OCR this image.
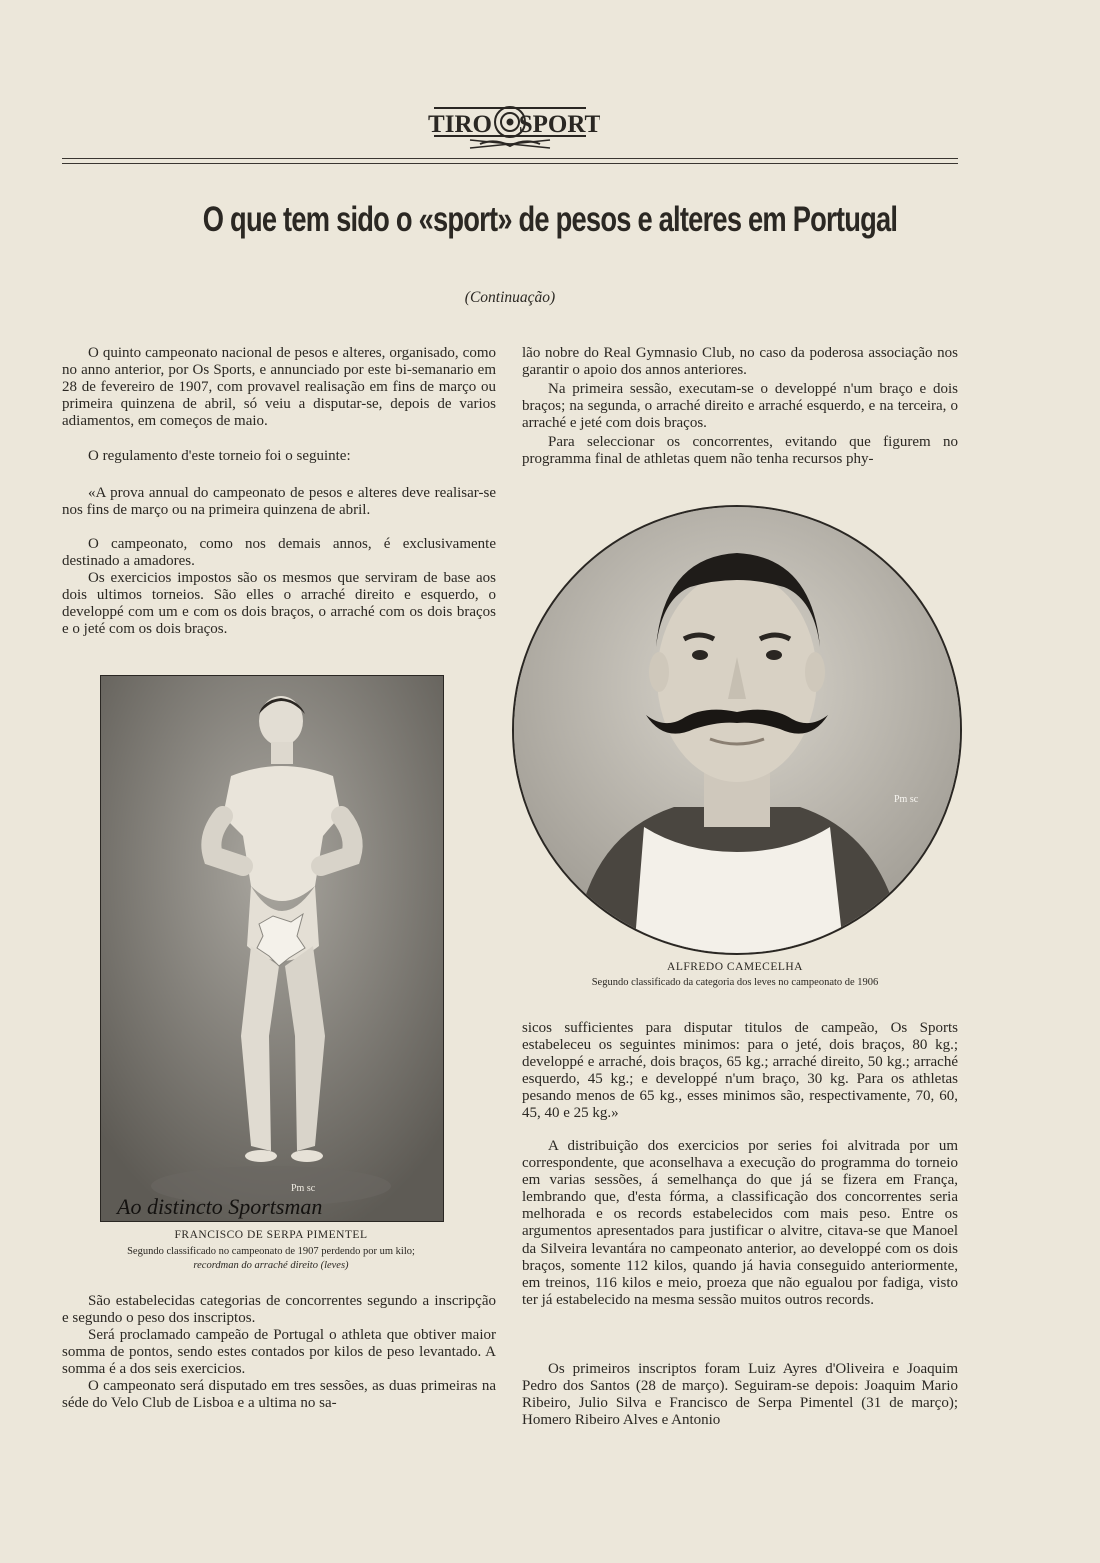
TIRO SPORT
O que tem sido o «sport» de pesos e alteres em Portugal
(Continuação)

O quinto campeonato nacional de pesos e alteres, organisado, como no anno anterior, por Os Sports, e annunciado por este bi-semanario em 28 de fevereiro de 1907, com provavel realisação em fins de março ou primeira quinzena de abril, só veiu a disputar-se, depois de varios adiamentos, em começos de maio.

O regulamento d'este torneio foi o seguinte:

«A prova annual do campeonato de pesos e alteres deve realisar-se nos fins de março ou na primeira quinzena de abril.

O campeonato, como nos demais annos, é exclusivamente destinado a amadores.

Os exercicios impostos são os mesmos que serviram de base aos dois ultimos torneios. São elles o arraché direito e esquerdo, o developpé com um e com os dois braços, o arraché com os dois braços e o jeté com os dois braços.

lão nobre do Real Gymnasio Club, no caso da poderosa associação nos garantir o apoio dos annos anteriores.

Na primeira sessão, executam-se o developpé n'um braço e dois braços; na segunda, o arraché direito e arraché esquerdo, e na terceira, o arraché e jeté com dois braços.

Para seleccionar os concorrentes, evitando que figurem no programma final de athletas quem não tenha recursos phy-

Pm sc
Ao distincto Sportsman
FRANCISCO DE SERPA PIMENTEL
Segundo classificado no campeonato de 1907 perdendo por um kilo;
recordman do arraché direito (leves)
Pm sc
ALFREDO CAMECELHA
Segundo classificado da categoria dos leves no campeonato de 1906

sicos sufficientes para disputar titulos de campeão, Os Sports estabeleceu os seguintes minimos: para o jeté, dois braços, 80 kg.; developpé e arraché, dois braços, 65 kg.; arraché direito, 50 kg.; arraché esquerdo, 45 kg.; e developpé n'um braço, 30 kg. Para os athletas pesando menos de 65 kg., esses minimos são, respectivamente, 70, 60, 45, 40 e 25 kg.»

A distribuição dos exercicios por series foi alvitrada por um correspondente, que aconselhava a execução do programma do torneio em varias sessões, á semelhança do que já se fizera em França, lembrando que, d'esta fórma, a classificação dos concorrentes seria melhorada e os records estabelecidos com mais peso. Entre os argumentos apresentados para justificar o alvitre, citava-se que Manoel da Silveira levantára no campeonato anterior, ao developpé com os dois braços, somente 112 kilos, quando já havia conseguido anteriormente, em treinos, 116 kilos e meio, proeza que não egualou por fadiga, visto ter já estabelecido na mesma sessão muitos outros records.

Os primeiros inscriptos foram Luiz Ayres d'Oliveira e Joaquim Pedro dos Santos (28 de março). Seguiram-se depois: Joaquim Mario Ribeiro, Julio Silva e Francisco de Serpa Pimentel (31 de março); Homero Ribeiro Alves e Antonio

São estabelecidas categorias de concorrentes segundo a inscripção e segundo o peso dos inscriptos.

Será proclamado campeão de Portugal o athleta que obtiver maior somma de pontos, sendo estes contados por kilos de peso levantado. A somma é a dos seis exercicios.

O campeonato será disputado em tres sessões, as duas primeiras na séde do Velo Club de Lisboa e a ultima no sa-
